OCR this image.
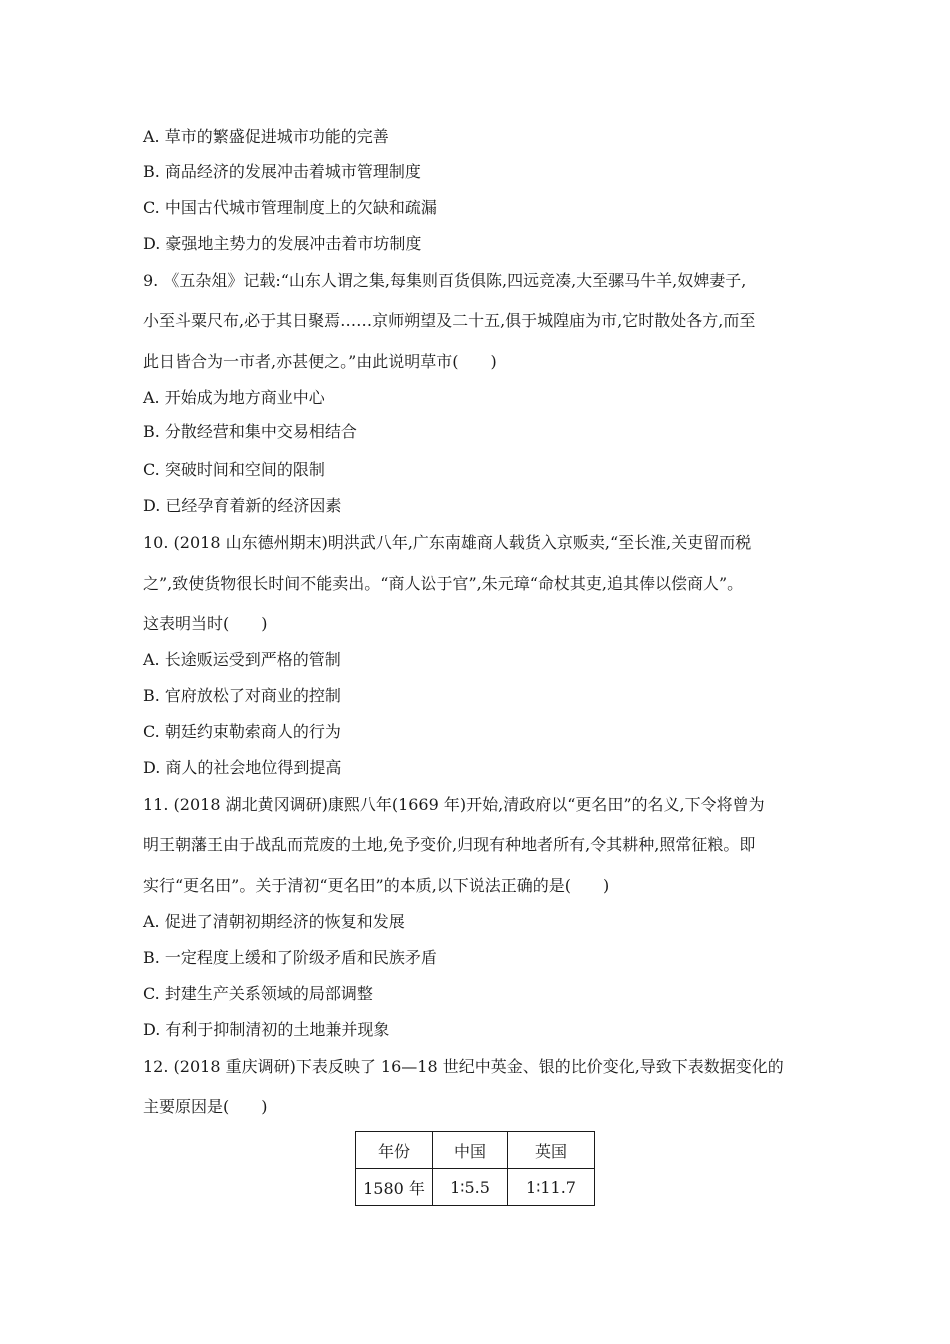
A. 草市的繁盛促进城市功能的完善
B. 商品经济的发展冲击着城市管理制度
C. 中国古代城市管理制度上的欠缺和疏漏
D. 豪强地主势力的发展冲击着市坊制度
9. 《五杂俎》记载:“山东人谓之集,每集则百货俱陈,四远竞凑,大至骡马牛羊,奴婢妻子,
小至斗粟尺布,必于其日聚焉……京师朔望及二十五,俱于城隍庙为市,它时散处各方,而至
此日皆合为一市者,亦甚便之。”由此说明草市(　　)
A. 开始成为地方商业中心
B. 分散经营和集中交易相结合
C. 突破时间和空间的限制
D. 已经孕育着新的经济因素
10. (2018 山东德州期末)明洪武八年,广东南雄商人载货入京贩卖,“至长淮,关吏留而税
之”,致使货物很长时间不能卖出。“商人讼于官”,朱元璋“命杖其吏,追其俸以偿商人”。
这表明当时(　　)
A. 长途贩运受到严格的管制
B. 官府放松了对商业的控制
C. 朝廷约束勒索商人的行为
D. 商人的社会地位得到提高
11. (2018 湖北黄冈调研)康熙八年(1669 年)开始,清政府以“更名田”的名义,下令将曾为
明王朝藩王由于战乱而荒废的土地,免予变价,归现有种地者所有,令其耕种,照常征粮。即
实行“更名田”。关于清初“更名田”的本质,以下说法正确的是(　　)
A. 促进了清朝初期经济的恢复和发展
B. 一定程度上缓和了阶级矛盾和民族矛盾
C. 封建生产关系领域的局部调整
D. 有利于抑制清初的土地兼并现象
12. (2018 重庆调研)下表反映了 16—18 世纪中英金、银的比价变化,导致下表数据变化的
主要原因是(　　)
年份	中国	英国
1580 年	1∶5.5	1∶11.7
